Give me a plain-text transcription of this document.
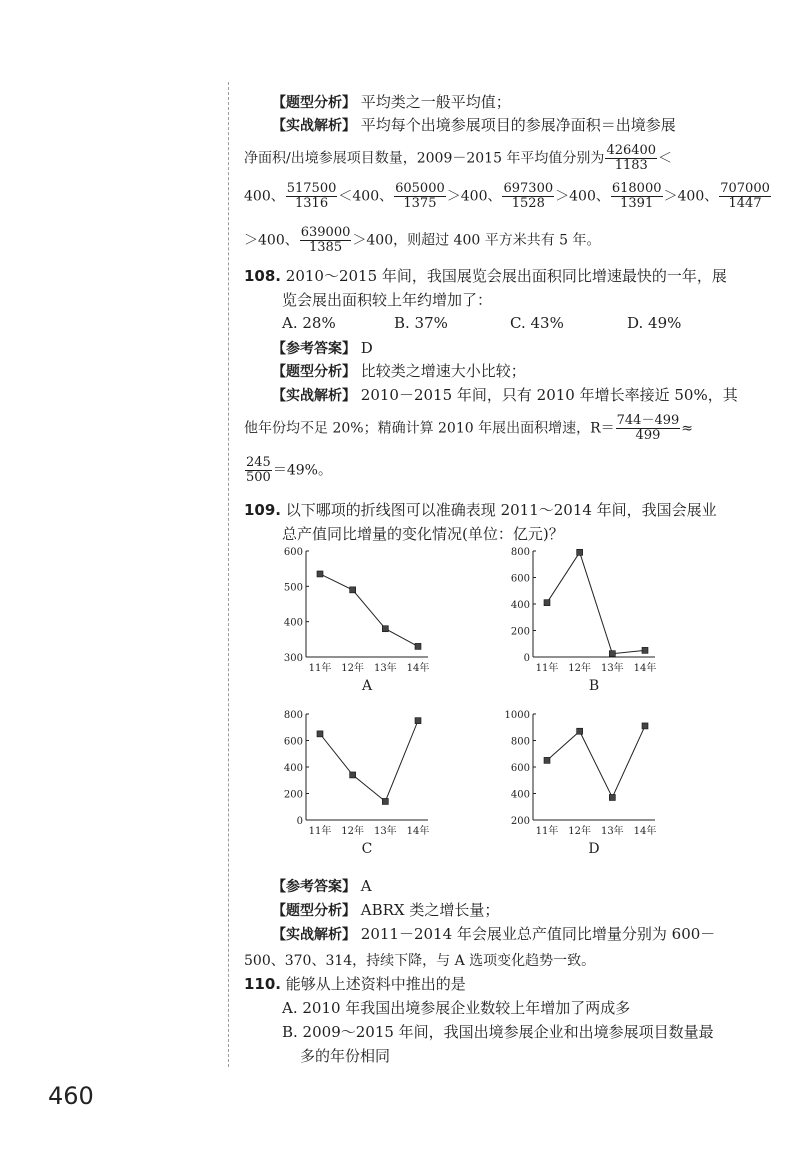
【题型分析】 平均类之一般平均值；
【实战解析】 平均每个出境参展项目的参展净面积＝出境参展
净面积/出境参展项目数量，2009－2015 年平均值分别为 $\frac{426400}{1183}$ ＜
400、 $\frac{517500}{1316} <400$、 $\frac{605000}{1375} >400$、 $\frac{697300}{1528} >400$、 $\frac{618000}{1391} >400$、 $\frac{707000}{1447}$
＞400、 $\frac{639000}{1385} >400$，则超过 400 平方米共有 5 年。
108. 2010～2015 年间，我国展览会展出面积同比增速最快的一年，展
览会展出面积较上年约增加了：
A. 28%	B. 37%	C. 43%	D. 49%
【参考答案】 D
【题型分析】 比较类之增速大小比较；
【实战解析】 2010－2015 年间，只有 2010 年增长率接近 50%，其
他年份均不足 20%；精确计算 2010 年展出面积增速，$R= \frac{744-499}{499}$ ≈
$\frac{245}{500} =49\%$。
109. 以下哪项的折线图可以准确表现 2011～2014 年间，我国会展业
总产值同比增量的变化情况(单位：亿元)？
300
400
500
600
11年 12年 13年 14年
A
0
200
400
600
800
11年 12年 13年 14年
B
0
200
400
600
800
11年 12年 13年 14年
C
200
400
600
800
1000
11年 12年 13年 14年
D
【参考答案】 A
【题型分析】 ABRX 类之增长量；
【实战解析】 2011－2014 年会展业总产值同比增量分别为 600－
500、370、314，持续下降，与 A 选项变化趋势一致。
110. 能够从上述资料中推出的是
A. 2010 年我国出境参展企业数较上年增加了两成多
B. 2009～2015 年间，我国出境参展企业和出境参展项目数量最
多的年份相同
460
